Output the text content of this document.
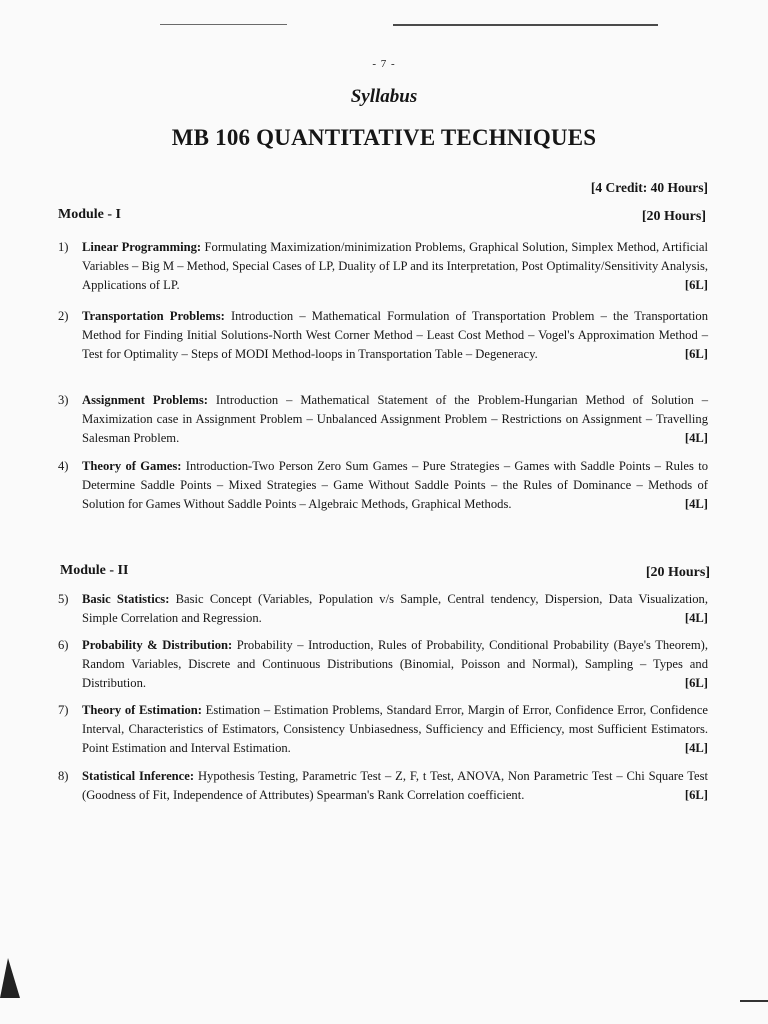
- 7 -
Syllabus
MB 106 QUANTITATIVE TECHNIQUES
[4 Credit: 40 Hours]
Module - I	[20 Hours]
1) Linear Programming: Formulating Maximization/minimization Problems, Graphical Solution, Simplex Method, Artificial Variables – Big M – Method, Special Cases of LP, Duality of LP and its Interpretation, Post Optimality/Sensitivity Analysis, Applications of LP.	[6L]
2) Transportation Problems: Introduction – Mathematical Formulation of Transportation Problem – the Transportation Method for Finding Initial Solutions-North West Corner Method – Least Cost Method – Vogel's Approximation Method – Test for Optimality – Steps of MODI Method-loops in Transportation Table – Degeneracy.	[6L]
3) Assignment Problems: Introduction – Mathematical Statement of the Problem-Hungarian Method of Solution – Maximization case in Assignment Problem – Unbalanced Assignment Problem – Restrictions on Assignment – Travelling Salesman Problem.	[4L]
4) Theory of Games: Introduction-Two Person Zero Sum Games – Pure Strategies – Games with Saddle Points – Rules to Determine Saddle Points – Mixed Strategies – Game Without Saddle Points – the Rules of Dominance – Methods of Solution for Games Without Saddle Points – Algebraic Methods, Graphical Methods.	[4L]
Module - II	[20 Hours]
5) Basic Statistics: Basic Concept (Variables, Population v/s Sample, Central tendency, Dispersion, Data Visualization, Simple Correlation and Regression.	[4L]
6) Probability & Distribution: Probability – Introduction, Rules of Probability, Conditional Probability (Baye's Theorem), Random Variables, Discrete and Continuous Distributions (Binomial, Poisson and Normal), Sampling – Types and Distribution.	[6L]
7) Theory of Estimation: Estimation – Estimation Problems, Standard Error, Margin of Error, Confidence Error, Confidence Interval, Characteristics of Estimators, Consistency Unbiasedness, Sufficiency and Efficiency, most Sufficient Estimators. Point Estimation and Interval Estimation.	[4L]
8) Statistical Inference: Hypothesis Testing, Parametric Test – Z, F, t Test, ANOVA, Non Parametric Test – Chi Square Test (Goodness of Fit, Independence of Attributes) Spearman's Rank Correlation coefficient.	[6L]
